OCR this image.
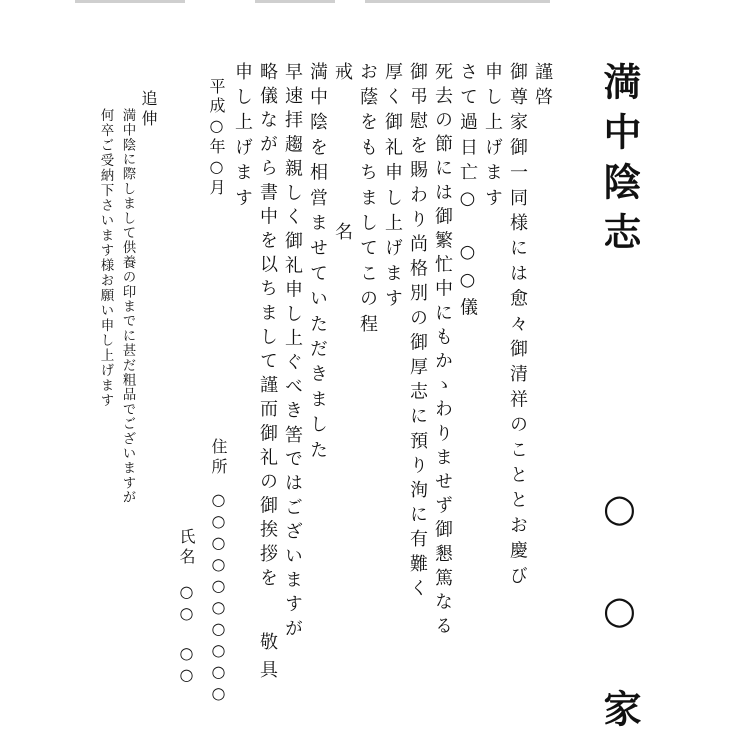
満中陰志
○ ○ 家
謹啓
御尊家御一同様には愈々御清祥のこととお慶び
申し上げます
さて過日亡○　○○儀
死去の節には御繁忙中にもかゝわりませず御懇篤なる
御弔慰を賜わり尚格別の御厚志に預り洵に有難く
厚く御礼申し上げます
お蔭をもちましてこの程
戒　　　名
満中陰を相営ませていただきました
早速拝趨親しく御礼申し上ぐべき筈ではございますが
略儀ながら書中を以ちまして謹而御礼の御挨拶を
申し上げます
敬具
平成○年○月
住所
○○○○○○○○○○
氏名
○○　○○
追伸
満中陰に際しまして供養の印までに甚だ粗品でございますが
何卒ご受納下さいます様お願い申し上げます
